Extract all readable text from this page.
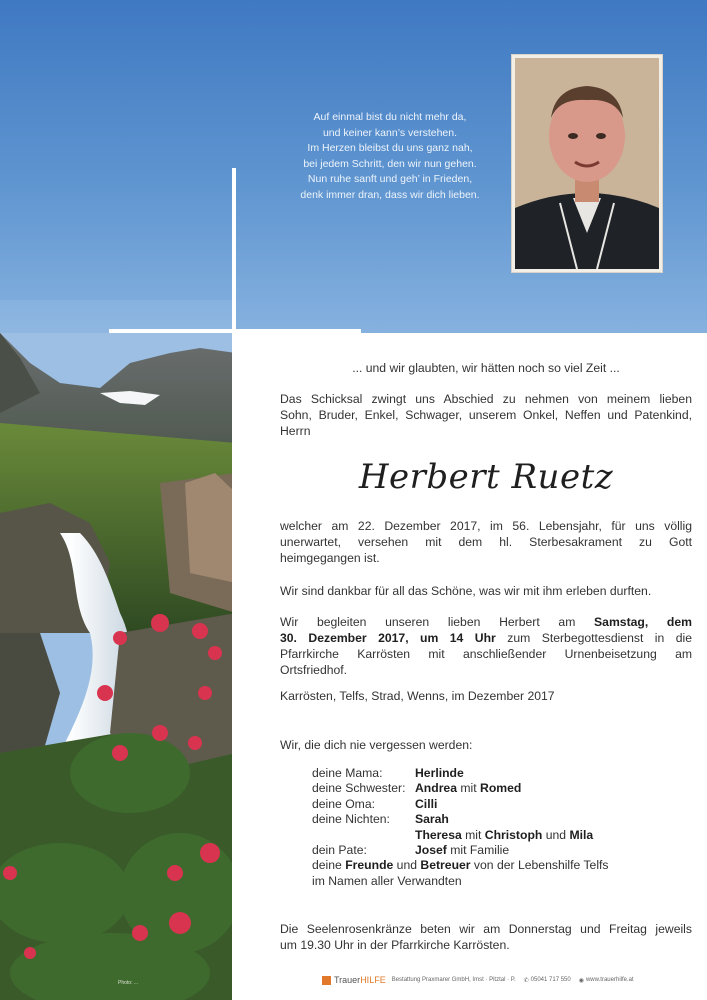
Auf einmal bist du nicht mehr da,
und keiner kann’s verstehen.
Im Herzen bleibst du uns ganz nah,
bei jedem Schritt, den wir nun gehen.
Nun ruhe sanft und geh’ in Frieden,
denk immer dran, dass wir dich lieben.
... und wir glaubten, wir hätten noch so viel Zeit ...
Das Schicksal zwingt uns Abschied zu nehmen von meinem lieben
Sohn, Bruder, Enkel, Schwager, unserem Onkel, Neffen und Patenkind,
Herrn
Herbert Ruetz
welcher am 22. Dezember 2017, im 56. Lebensjahr, für uns völlig
unerwartet, versehen mit dem hl. Sterbesakrament zu Gott
heimgegangen ist.
Wir sind dankbar für all das Schöne, was wir mit ihm erleben durften.
Wir begleiten unseren lieben Herbert am Samstag, dem
30. Dezember 2017, um 14 Uhr zum Sterbegottesdienst in die
Pfarrkirche Karrösten mit anschließender Urnenbeisetzung am
Ortsfriedhof.
Karrösten, Telfs, Strad, Wenns, im Dezember 2017
Wir, die dich nie vergessen werden:
deine Mama:	Herlinde
deine Schwester: Andrea mit Romed
deine Oma:	Cilli
deine Nichten: Sarah
Theresa mit Christoph und Mila
dein Pate:	Josef mit Familie
deine Freunde und Betreuer von der Lebenshilfe Telfs
im Namen aller Verwandten
Die Seelenrosenkränze beten wir am Donnerstag und Freitag jeweils
um 19.30 Uhr in der Pfarrkirche Karrösten.
Photo: ...	TrauerHILFE Bestattung Praxmarer GmbH, Imst · Pitztal · P. ✆ 05041 717 550 ◉ www.trauerhilfe.at
